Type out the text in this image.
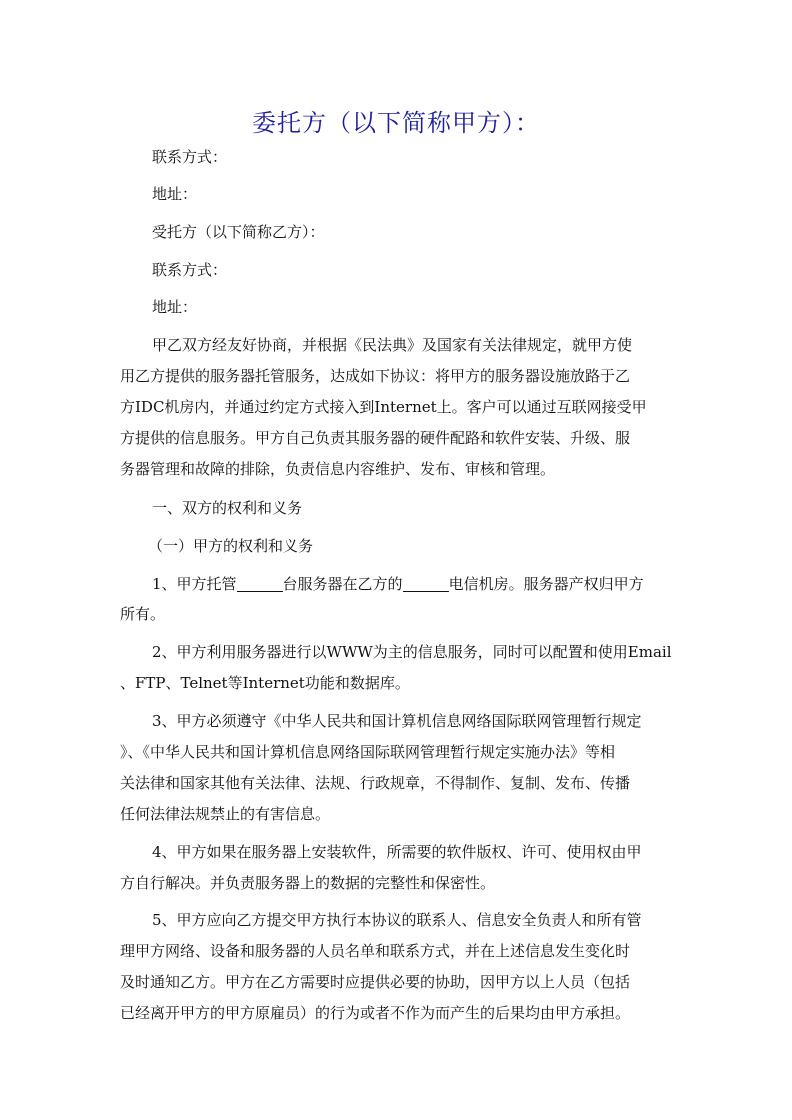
委托方（以下简称甲方）：
联系方式：
地址：
受托方（以下简称乙方）：
联系方式：
地址：
甲乙双方经友好协商，并根据《民法典》及国家有关法律规定，就甲方使
用乙方提供的服务器托管服务，达成如下协议：将甲方的服务器设施放路于乙
方IDC机房内，并通过约定方式接入到Internet上。客户可以通过互联网接受甲
方提供的信息服务。甲方自己负责其服务器的硬件配路和软件安装、升级、服
务器管理和故障的排除，负责信息内容维护、发布、审核和管理。
一、双方的权利和义务
（一）甲方的权利和义务
1、甲方托管	台服务器在乙方的	电信机房。服务器产权归甲方
所有。
2、甲方利用服务器进行以WWW为主的信息服务，同时可以配置和使用Email
、FTP、Telnet等Internet功能和数据库。
3、甲方必须遵守《中华人民共和国计算机信息网络国际联网管理暂行规定
》、《中华人民共和国计算机信息网络国际联网管理暂行规定实施办法》等相
关法律和国家其他有关法律、法规、行政规章，不得制作、复制、发布、传播
任何法律法规禁止的有害信息。
4、甲方如果在服务器上安装软件，所需要的软件版权、许可、使用权由甲
方自行解决。并负责服务器上的数据的完整性和保密性。
5、甲方应向乙方提交甲方执行本协议的联系人、信息安全负责人和所有管
理甲方网络、设备和服务器的人员名单和联系方式，并在上述信息发生变化时
及时通知乙方。甲方在乙方需要时应提供必要的协助，因甲方以上人员（包括
已经离开甲方的甲方原雇员）的行为或者不作为而产生的后果均由甲方承担。
